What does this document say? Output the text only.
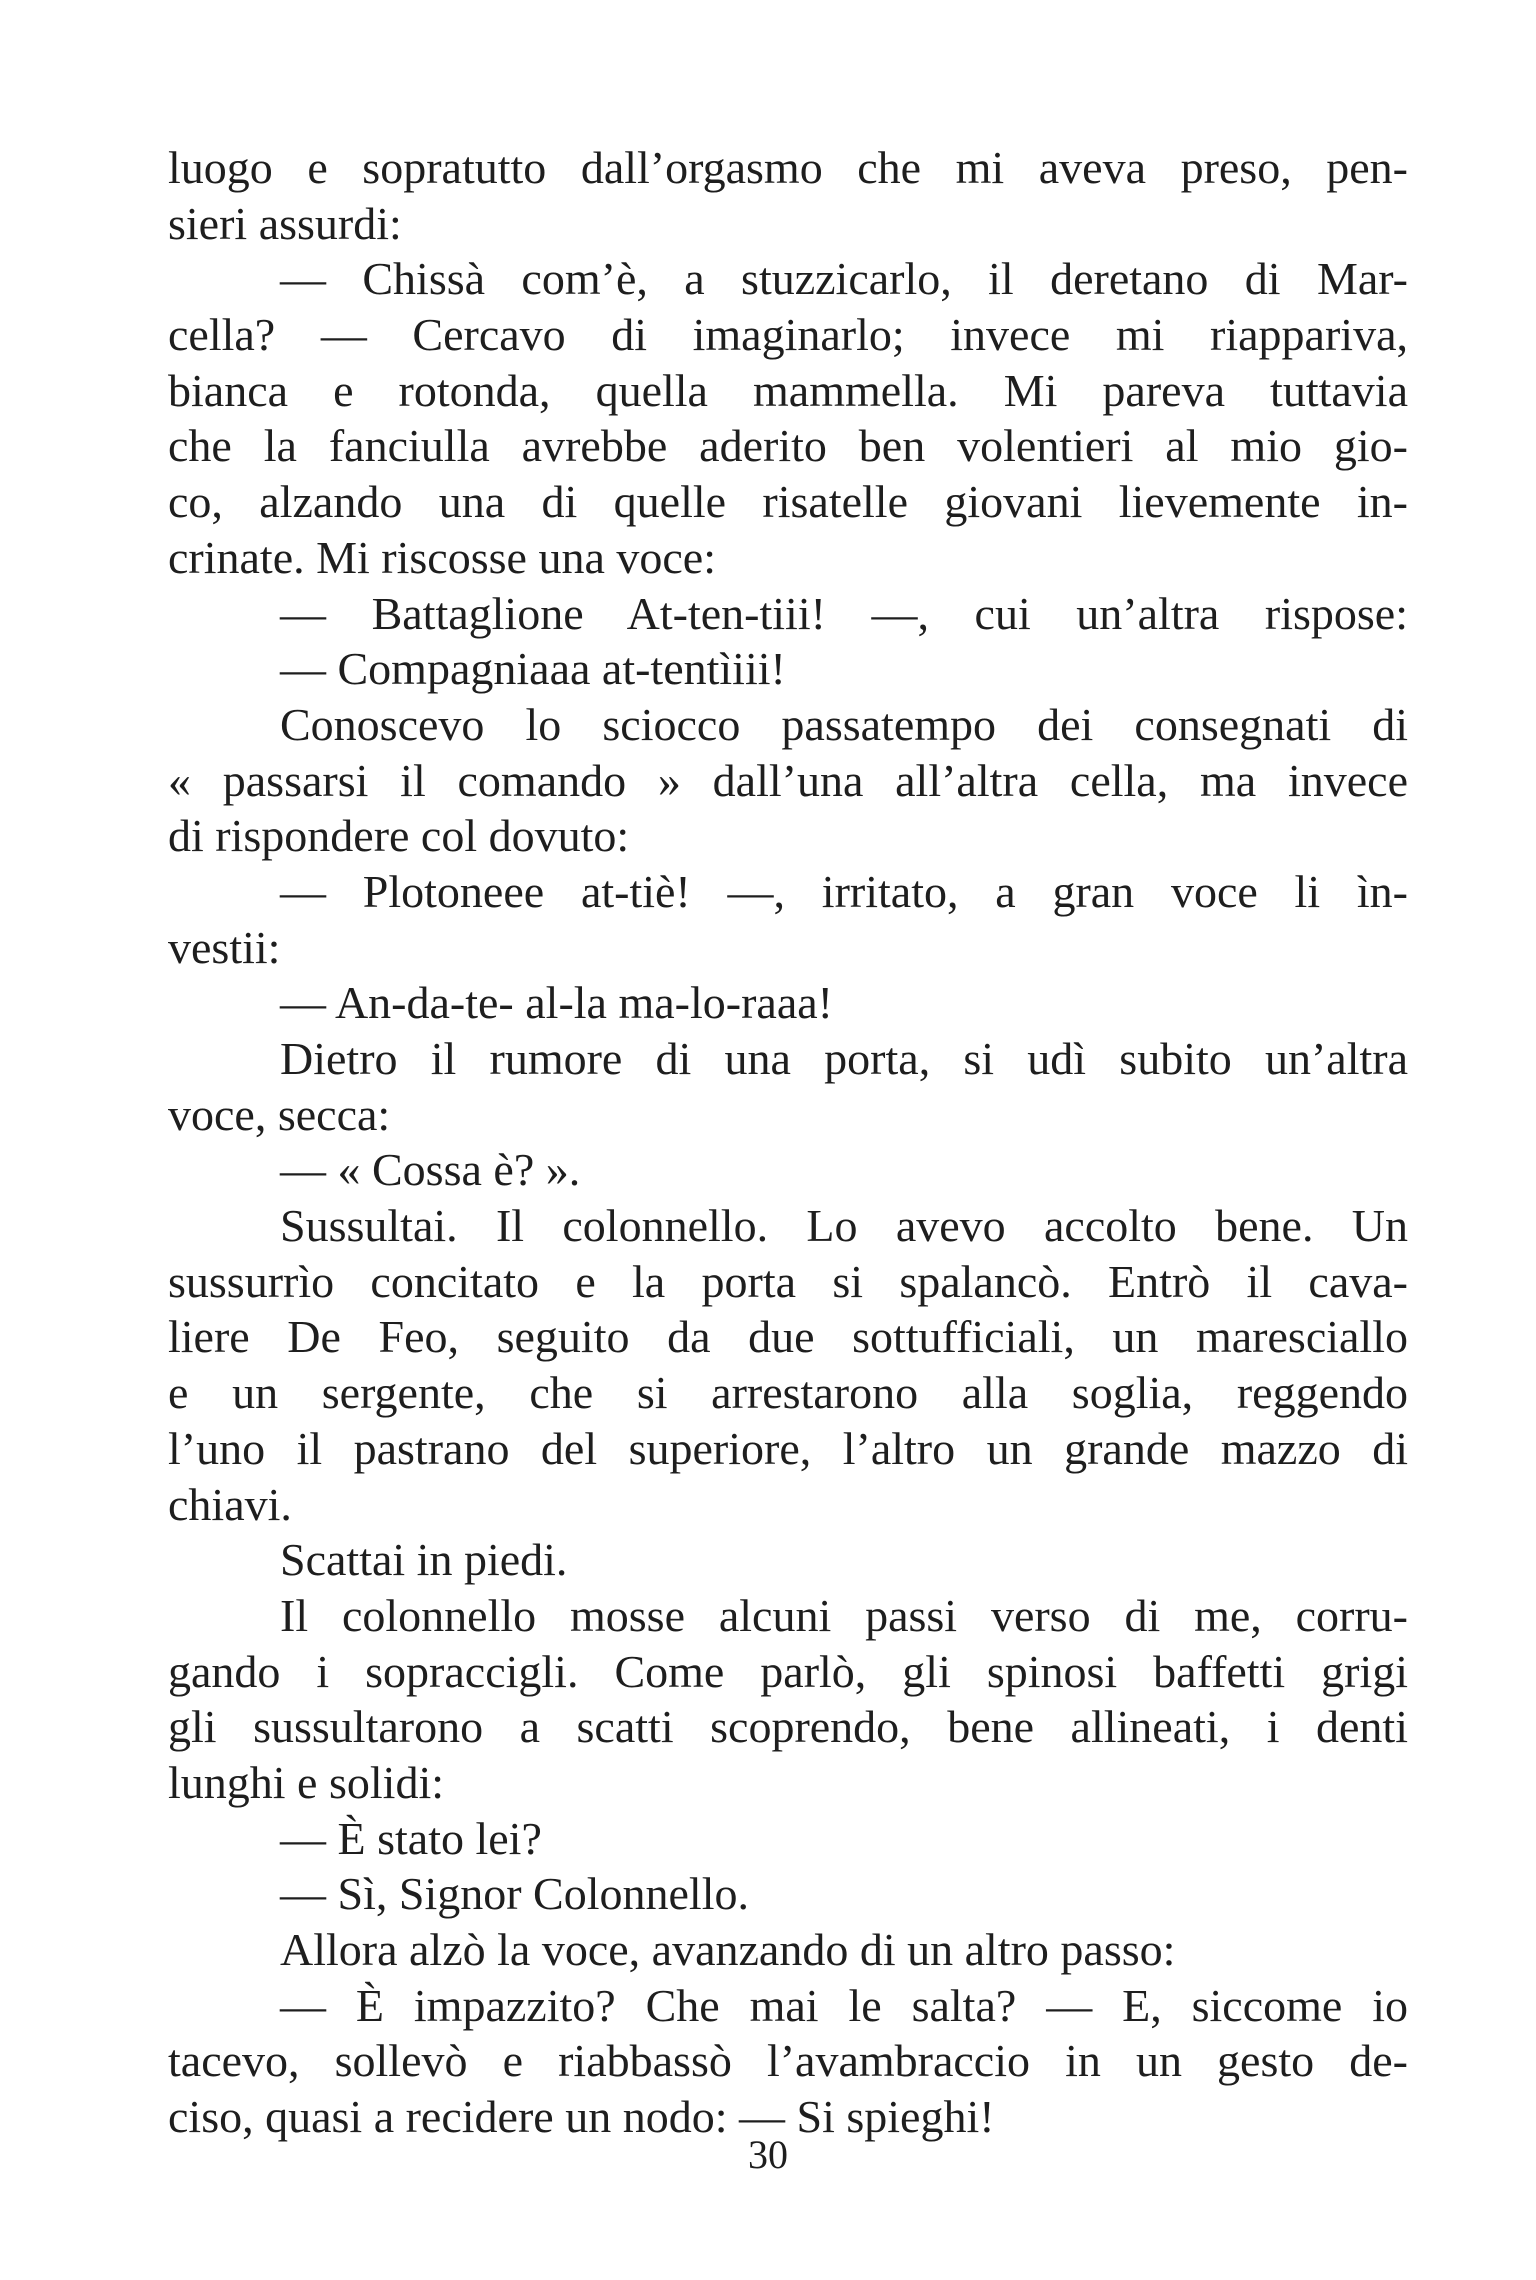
luogo e sopratutto dall’orgasmo che mi aveva preso, pen-
sieri assurdi:
— Chissà com’è, a stuzzicarlo, il deretano di Mar-
cella? — Cercavo di imaginarlo; invece mi riappariva,
bianca e rotonda, quella mammella. Mi pareva tuttavia
che la fanciulla avrebbe aderito ben volentieri al mio gio-
co, alzando una di quelle risatelle giovani lievemente in-
crinate. Mi riscosse una voce:
— Battaglione At-ten-tiii! —, cui un’altra rispose:
— Compagniaaa at-tentìiii!
Conoscevo lo sciocco passatempo dei consegnati di
« passarsi il comando » dall’una all’altra cella, ma invece
di rispondere col dovuto:
— Plotoneee at-tiè! —, irritato, a gran voce li ìn-
vestii:
— An-da-te- al-la ma-lo-raaa!
Dietro il rumore di una porta, si udì subito un’altra
voce, secca:
— « Cossa è? ».
Sussultai. Il colonnello. Lo avevo accolto bene. Un
sussurrìo concitato e la porta si spalancò. Entrò il cava-
liere De Feo, seguito da due sottufficiali, un maresciallo
e un sergente, che si arrestarono alla soglia, reggendo
l’uno il pastrano del superiore, l’altro un grande mazzo di
chiavi.
Scattai in piedi.
Il colonnello mosse alcuni passi verso di me, corru-
gando i sopraccigli. Come parlò, gli spinosi baffetti grigi
gli sussultarono a scatti scoprendo, bene allineati, i denti
lunghi e solidi:
— È stato lei?
— Sì, Signor Colonnello.
Allora alzò la voce, avanzando di un altro passo:
— È impazzito? Che mai le salta? — E, siccome io
tacevo, sollevò e riabbassò l’avambraccio in un gesto de-
ciso, quasi a recidere un nodo: — Si spieghi!
30
